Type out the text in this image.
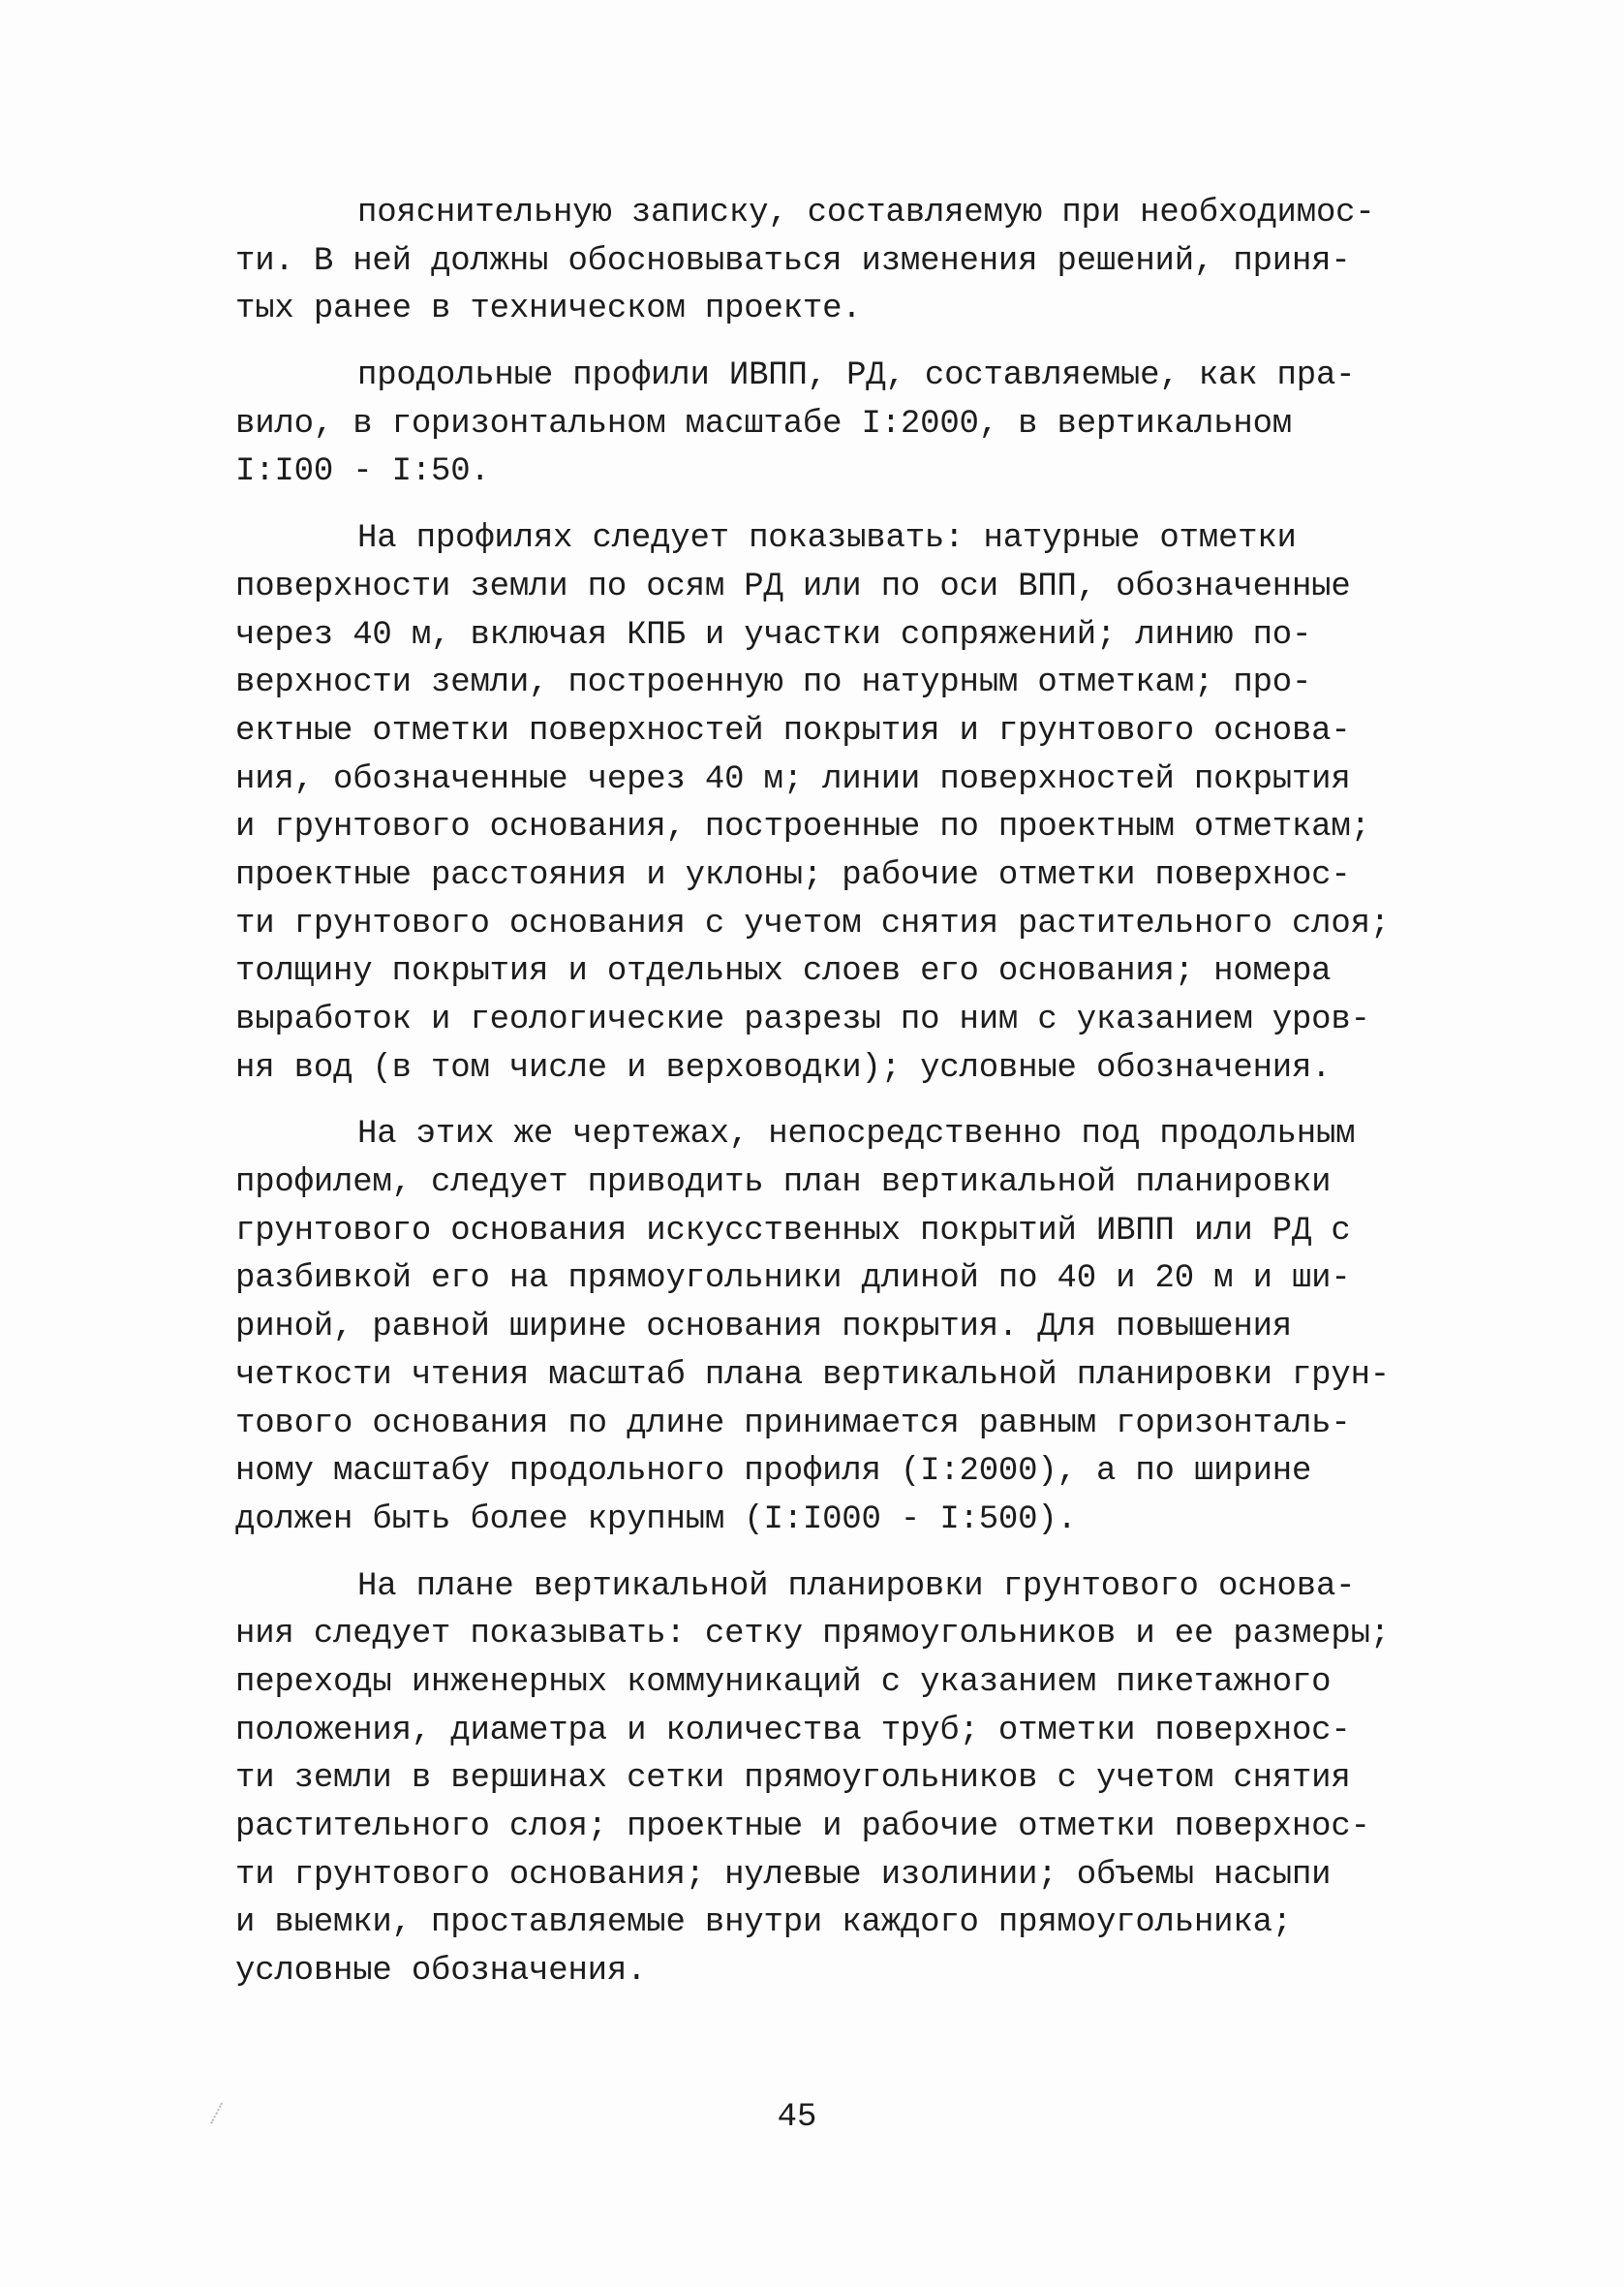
пояснительную записку, составляемую при необходимос-
ти. В ней должны обосновываться изменения решений, приня-
тых ранее в техническом проекте.
продольные профили ИВПП, РД, составляемые, как пра-
вило, в горизонтальном масштабе I:2000, в вертикальном
I:I00 - I:50.
На профилях следует показывать: натурные отметки
поверхности земли по осям РД или по оси ВПП, обозначенные
через 40 м, включая КПБ и участки сопряжений; линию по-
верхности земли, построенную по натурным отметкам; про-
ектные отметки поверхностей покрытия и грунтового основа-
ния, обозначенные через 40 м; линии поверхностей покрытия
и грунтового основания, построенные по проектным отметкам;
проектные расстояния и уклоны; рабочие отметки поверхнос-
ти грунтового основания с учетом снятия растительного слоя;
толщину покрытия и отдельных слоев его основания; номера
выработок и геологические разрезы по ним с указанием уров-
ня вод (в том числе и верховодки); условные обозначения.
На этих же чертежах, непосредственно под продольным
профилем, следует приводить план вертикальной планировки
грунтового основания искусственных покрытий ИВПП или РД с
разбивкой его на прямоугольники длиной по 40 и 20 м и ши-
риной, равной ширине основания покрытия. Для повышения
четкости чтения масштаб плана вертикальной планировки грун-
тового основания по длине принимается равным горизонталь-
ному масштабу продольного профиля (I:2000), а по ширине
должен быть более крупным (I:I000 - I:500).
На плане вертикальной планировки грунтового основа-
ния следует показывать: сетку прямоугольников и ее размеры;
переходы инженерных коммуникаций с указанием пикетажного
положения, диаметра и количества труб; отметки поверхнос-
ти земли в вершинах сетки прямоугольников с учетом снятия
растительного слоя; проектные и рабочие отметки поверхнос-
ти грунтового основания; нулевые изолинии; объемы насыпи
и выемки, проставляемые внутри каждого прямоугольника;
условные обозначения.
45
